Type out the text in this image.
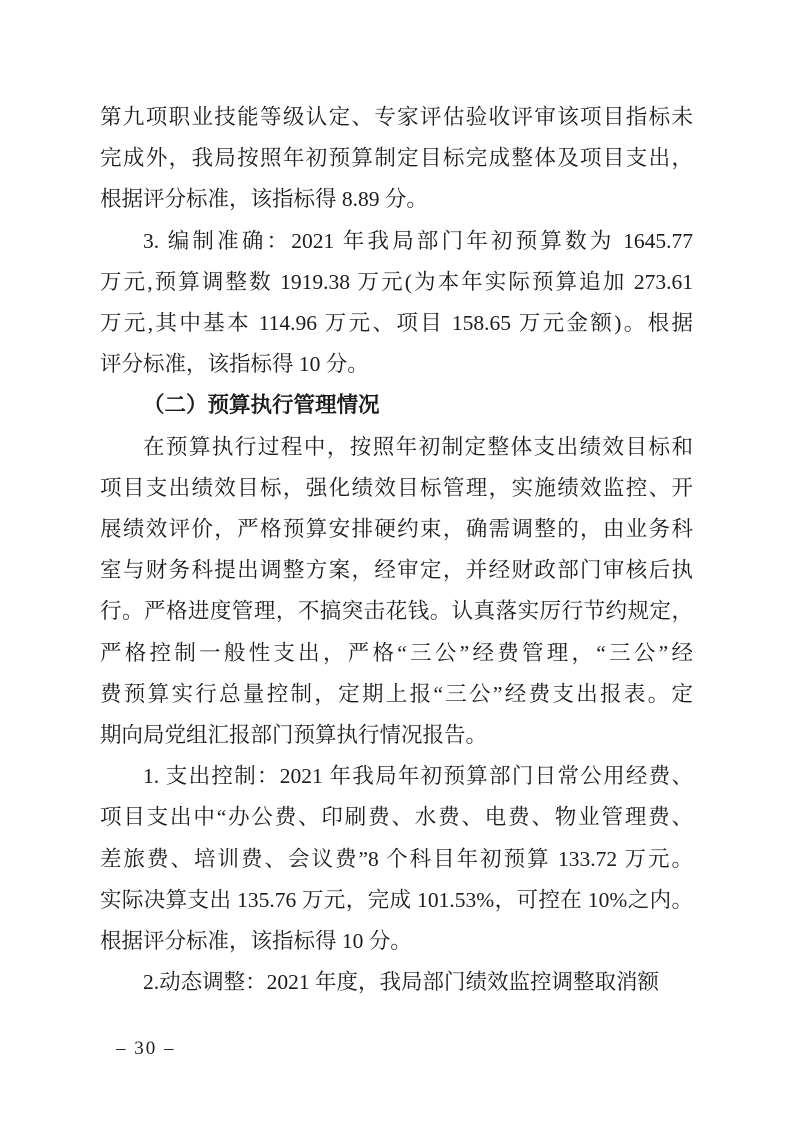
第九项职业技能等级认定、专家评估验收评审该项目指标未
完成外，我局按照年初预算制定目标完成整体及项目支出，
根据评分标准，该指标得 8.89 分。
3. 编制准确：2021 年我局部门年初预算数为 1645.77
万元,预算调整数 1919.38 万元(为本年实际预算追加 273.61
万元,其中基本 114.96 万元、项目 158.65 万元金额)。根据
评分标准，该指标得 10 分。
（二）预算执行管理情况
在预算执行过程中，按照年初制定整体支出绩效目标和
项目支出绩效目标，强化绩效目标管理，实施绩效监控、开
展绩效评价，严格预算安排硬约束，确需调整的，由业务科
室与财务科提出调整方案，经审定，并经财政部门审核后执
行。严格进度管理，不搞突击花钱。认真落实厉行节约规定，
严格控制一般性支出，严格“三公”经费管理，“三公”经
费预算实行总量控制，定期上报“三公”经费支出报表。定
期向局党组汇报部门预算执行情况报告。
1. 支出控制：2021 年我局年初预算部门日常公用经费、
项目支出中“办公费、印刷费、水费、电费、物业管理费、
差旅费、培训费、会议费”8 个科目年初预算 133.72 万元。
实际决算支出 135.76 万元，完成 101.53%，可控在 10%之内。
根据评分标准，该指标得 10 分。
2.动态调整：2021 年度，我局部门绩效监控调整取消额
– 30 –
